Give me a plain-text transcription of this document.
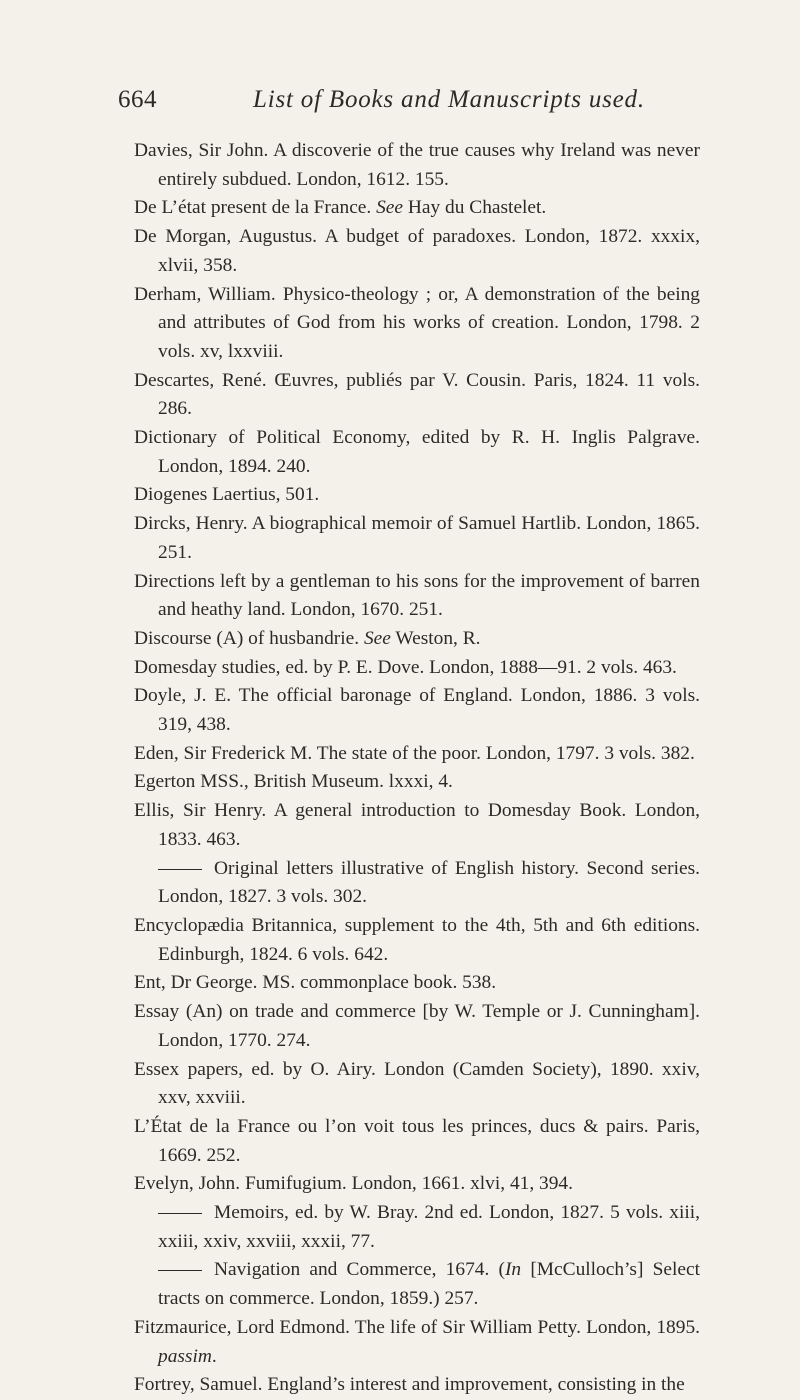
664	List of Books and Manuscripts used.
Davies, Sir John. A discoverie of the true causes why Ireland was never entirely subdued. London, 1612. 155.
De L’état present de la France. See Hay du Chastelet.
De Morgan, Augustus. A budget of paradoxes. London, 1872. xxxix, xlvii, 358.
Derham, William. Physico-theology ; or, A demonstration of the being and attributes of God from his works of creation. London, 1798. 2 vols. xv, lxxviii.
Descartes, René. Œuvres, publiés par V. Cousin. Paris, 1824. 11 vols. 286.
Dictionary of Political Economy, edited by R. H. Inglis Palgrave. London, 1894. 240.
Diogenes Laertius, 501.
Dircks, Henry. A biographical memoir of Samuel Hartlib. London, 1865. 251.
Directions left by a gentleman to his sons for the improvement of barren and heathy land. London, 1670. 251.
Discourse (A) of husbandrie. See Weston, R.
Domesday studies, ed. by P. E. Dove. London, 1888—91. 2 vols. 463.
Doyle, J. E. The official baronage of England. London, 1886. 3 vols. 319, 438.
Eden, Sir Frederick M. The state of the poor. London, 1797. 3 vols. 382.
Egerton MSS., British Museum. lxxxi, 4.
Ellis, Sir Henry. A general introduction to Domesday Book. London, 1833. 463.
Original letters illustrative of English history. Second series. London, 1827. 3 vols. 302.
Encyclopædia Britannica, supplement to the 4th, 5th and 6th editions. Edinburgh, 1824. 6 vols. 642.
Ent, Dr George. MS. commonplace book. 538.
Essay (An) on trade and commerce [by W. Temple or J. Cunningham]. London, 1770. 274.
Essex papers, ed. by O. Airy. London (Camden Society), 1890. xxiv, xxv, xxviii.
L’État de la France ou l’on voit tous les princes, ducs & pairs. Paris, 1669. 252.
Evelyn, John. Fumifugium. London, 1661. xlvi, 41, 394.
Memoirs, ed. by W. Bray. 2nd ed. London, 1827. 5 vols. xiii, xxiii, xxiv, xxviii, xxxii, 77.
Navigation and Commerce, 1674. (In [McCulloch’s] Select tracts on commerce. London, 1859.) 257.
Fitzmaurice, Lord Edmond. The life of Sir William Petty. London, 1895. passim.
Fortrey, Samuel. England’s interest and improvement, consisting in the
